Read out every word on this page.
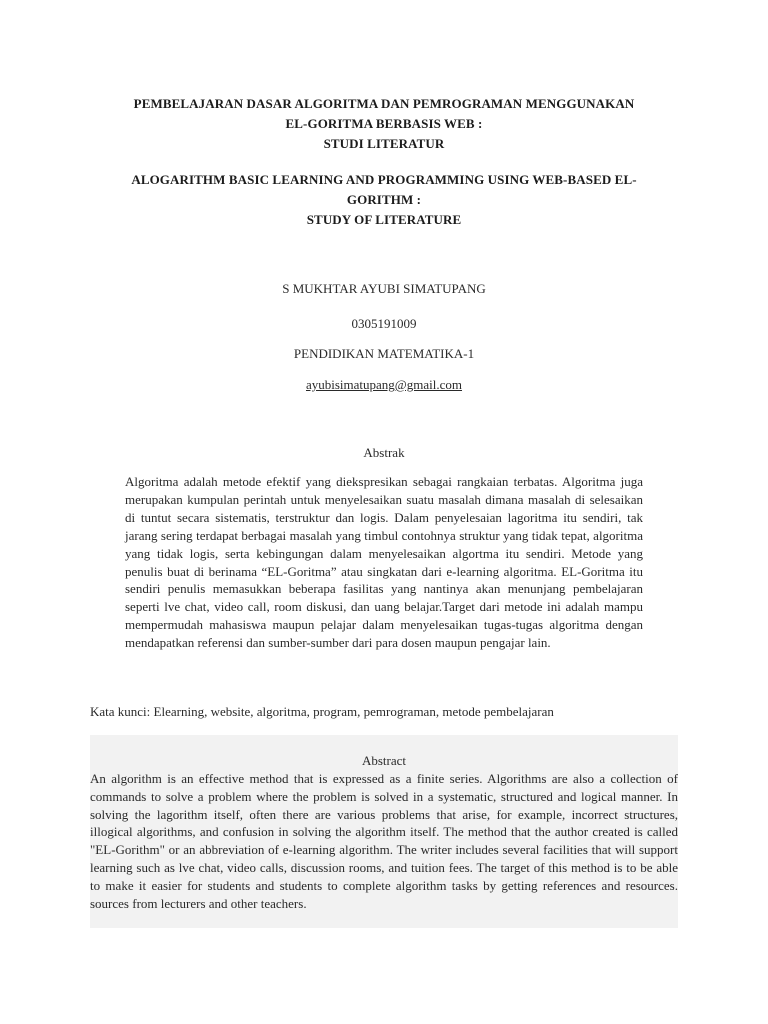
PEMBELAJARAN DASAR ALGORITMA DAN PEMROGRAMAN MENGGUNAKAN
EL-GORITMA BERBASIS WEB :
STUDI LITERATUR
ALOGARITHM BASIC LEARNING AND PROGRAMMING USING WEB-BASED EL-
GORITHM :
STUDY OF LITERATURE
S MUKHTAR AYUBI SIMATUPANG
0305191009
PENDIDIKAN MATEMATIKA-1
ayubisimatupang@gmail.com
Abstrak
Algoritma adalah metode efektif yang diekspresikan sebagai rangkaian terbatas. Algoritma juga merupakan kumpulan perintah untuk menyelesaikan suatu masalah dimana masalah di selesaikan di tuntut secara sistematis, terstruktur dan logis. Dalam penyelesaian lagoritma itu sendiri, tak jarang sering terdapat berbagai masalah yang timbul contohnya struktur yang tidak tepat, algoritma yang tidak logis, serta kebingungan dalam menyelesaikan algortma itu sendiri. Metode yang penulis buat di berinama “EL-Goritma” atau singkatan dari e-learning algoritma. EL-Goritma itu sendiri penulis memasukkan beberapa fasilitas yang nantinya akan menunjang pembelajaran seperti lve chat, video call, room diskusi, dan uang belajar.Target dari metode ini adalah mampu mempermudah mahasiswa maupun pelajar dalam menyelesaikan tugas-tugas algoritma dengan mendapatkan referensi dan sumber-sumber dari para dosen maupun pengajar lain.
Kata kunci: Elearning, website, algoritma, program, pemrograman, metode pembelajaran
Abstract
An algorithm is an effective method that is expressed as a finite series. Algorithms are also a collection of commands to solve a problem where the problem is solved in a systematic, structured and logical manner. In solving the lagorithm itself, often there are various problems that arise, for example, incorrect structures, illogical algorithms, and confusion in solving the algorithm itself. The method that the author created is called "EL-Gorithm" or an abbreviation of e-learning algorithm. The writer includes several facilities that will support learning such as lve chat, video calls, discussion rooms, and tuition fees. The target of this method is to be able to make it easier for students and students to complete algorithm tasks by getting references and resources. sources from lecturers and other teachers.
